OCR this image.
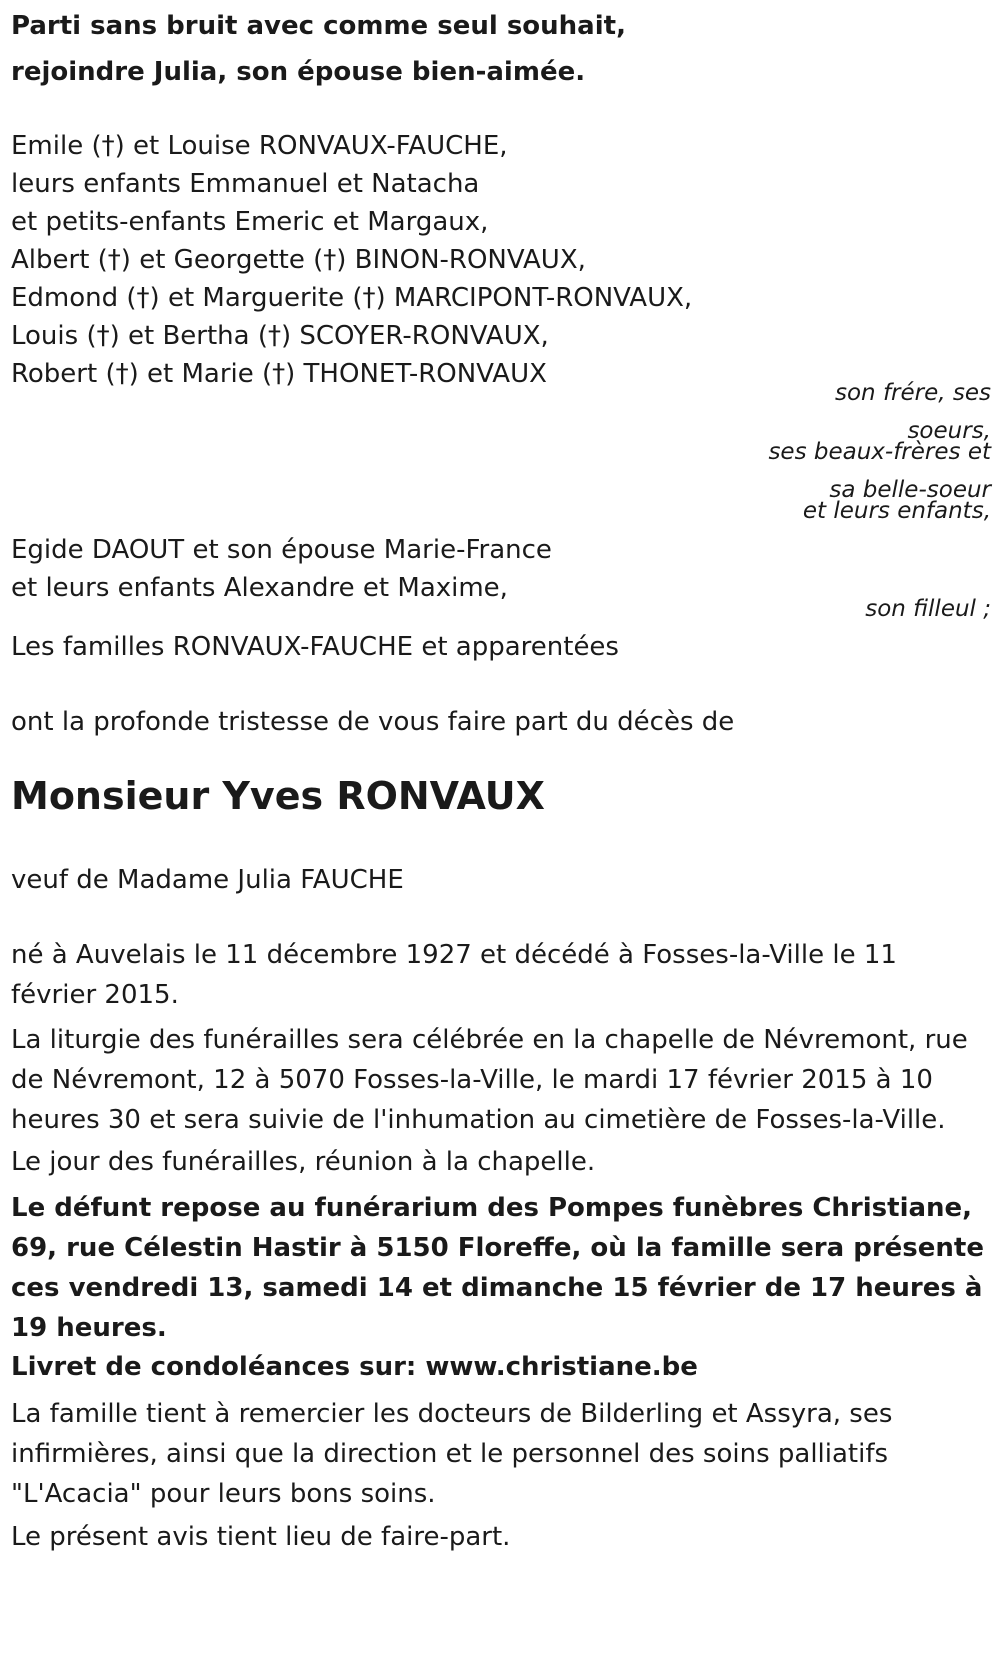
Parti sans bruit avec comme seul souhait,
rejoindre Julia, son épouse bien-aimée.
Emile (†) et Louise RONVAUX-FAUCHE,
leurs enfants Emmanuel et Natacha
et petits-enfants Emeric et Margaux,
Albert (†) et Georgette (†) BINON-RONVAUX,
Edmond (†) et Marguerite (†) MARCIPONT-RONVAUX,
Louis (†) et Bertha (†) SCOYER-RONVAUX,
Robert (†) et Marie (†) THONET-RONVAUX
son frére, ses
soeurs,
ses beaux-frères et
sa belle-soeur
et leurs enfants,
Egide DAOUT et son épouse Marie-France
et leurs enfants Alexandre et Maxime,
son filleul ;
Les familles RONVAUX-FAUCHE et apparentées
ont la profonde tristesse de vous faire part du décès de
Monsieur Yves RONVAUX
veuf de Madame Julia FAUCHE
né à Auvelais le 11 décembre 1927 et décédé à Fosses-la-Ville le 11 février 2015.
La liturgie des funérailles sera célébrée en la chapelle de Névremont, rue de Névremont, 12 à 5070 Fosses-la-Ville, le mardi 17 février 2015 à 10 heures 30 et sera suivie de l'inhumation au cimetière de Fosses-la-Ville.
Le jour des funérailles, réunion à la chapelle.
Le défunt repose au funérarium des Pompes funèbres Christiane, 69, rue Célestin Hastir à 5150 Floreffe, où la famille sera présente ces vendredi 13, samedi 14 et dimanche 15 février de 17 heures à 19 heures.
Livret de condoléances sur: www.christiane.be
La famille tient à remercier les docteurs de Bilderling et Assyra, ses infirmières, ainsi que la direction et le personnel des soins palliatifs "L'Acacia" pour leurs bons soins.
Le présent avis tient lieu de faire-part.
